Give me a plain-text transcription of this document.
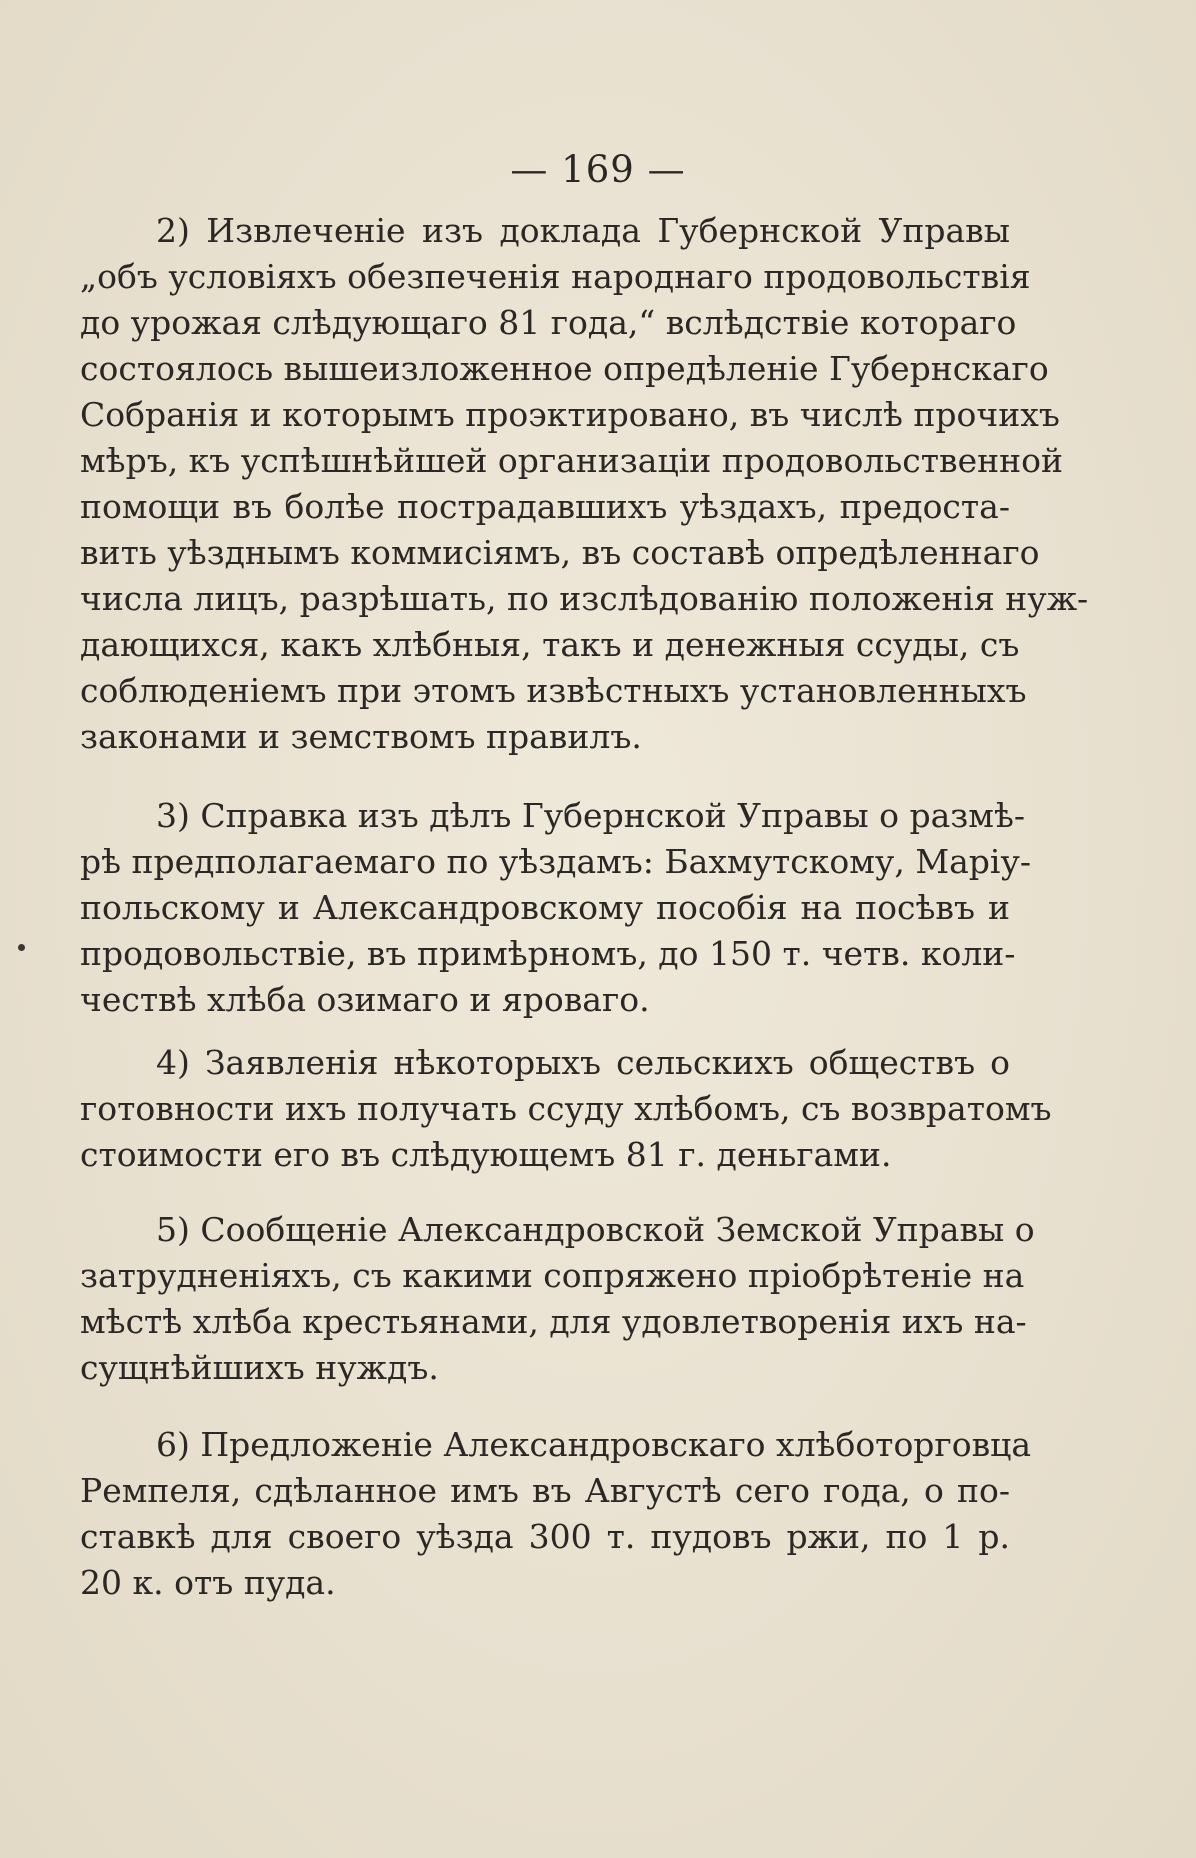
— 169 —
2) Извлеченіе изъ доклада Губернской Управы
„объ условіяхъ обезпеченія народнаго продовольствія
до урожая слѣдующаго 81 года,“ вслѣдствіе котораго
состоялось вышеизложенное опредѣленіе Губернскаго
Собранія и которымъ проэктировано, въ числѣ прочихъ
мѣръ, къ успѣшнѣйшей организаціи продовольственной
помощи въ болѣе пострадавшихъ уѣздахъ, предоста-
вить уѣзднымъ коммисіямъ, въ составѣ опредѣленнаго
числа лицъ, разрѣшать, по изслѣдованію положенія нуж-
дающихся, какъ хлѣбныя, такъ и денежныя ссуды, съ
соблюденіемъ при этомъ извѣстныхъ установленныхъ
законами и земствомъ правилъ.
3) Справка изъ дѣлъ Губернской Управы о размѣ-
рѣ предполагаемаго по уѣздамъ: Бахмутскому, Маріу-
польскому и Александровскому пособія на посѣвъ и
продовольствіе, въ примѣрномъ, до 150 т. четв. коли-
чествѣ хлѣба озимаго и яроваго.
4) Заявленія нѣкоторыхъ сельскихъ обществъ о
готовности ихъ получать ссуду хлѣбомъ, съ возвратомъ
стоимости его въ слѣдующемъ 81 г. деньгами.
5) Сообщеніе Александровской Земской Управы о
затрудненіяхъ, съ какими сопряжено пріобрѣтеніе на
мѣстѣ хлѣба крестьянами, для удовлетворенія ихъ на-
сущнѣйшихъ нуждъ.
6) Предложеніе Александровскаго хлѣботорговца
Ремпеля, сдѣланное имъ въ Августѣ сего года, о по-
ставкѣ для своего уѣзда 300 т. пудовъ ржи, по 1 р.
20 к. отъ пуда.
